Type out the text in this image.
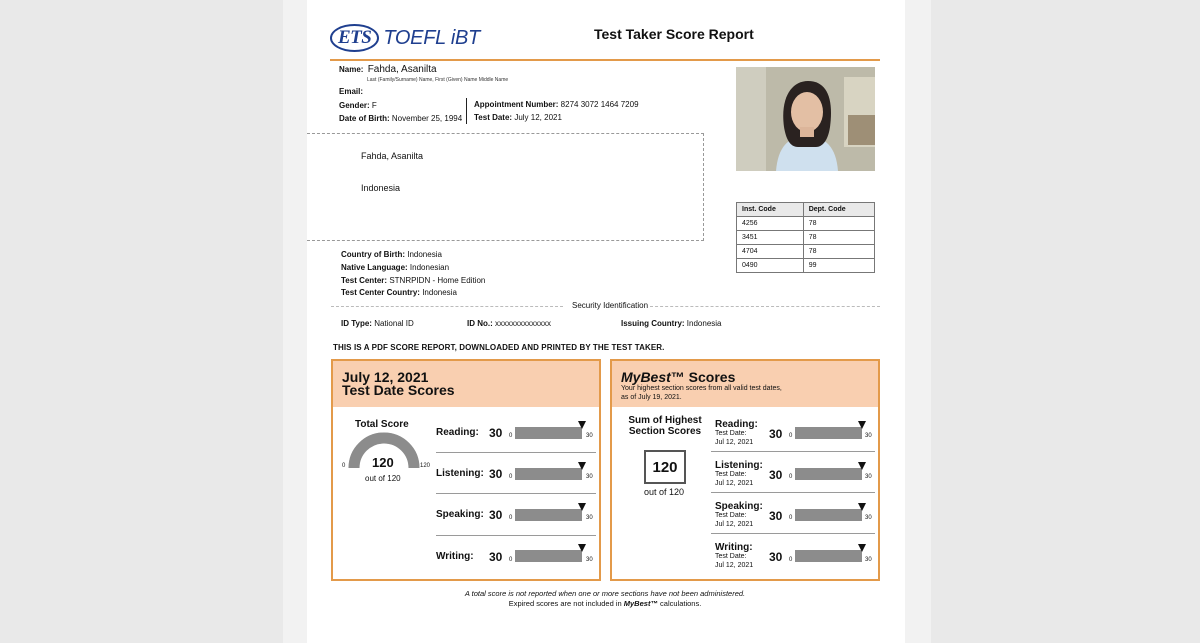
ETS TOEFL iBT	Test Taker Score Report
Name: Fahda, Asanilta
Last (Family/Surname) Name, First (Given) Name Middle Name
Email:
Gender: F
Date of Birth: November 25, 1994
Appointment Number: 8274 3072 1464 7209
Test Date: July 12, 2021
Inst. Code	Dept. Code
4256	78
3451	78
4704	78
0490	99
Fahda, Asanilta
Indonesia
Country of Birth: Indonesia
Native Language: Indonesian
Test Center: STNRPIDN - Home Edition
Test Center Country: Indonesia
Security Identification
ID Type: National ID	ID No.: xxxxxxxxxxxxxx	Issuing Country: Indonesia
THIS IS A PDF SCORE REPORT, DOWNLOADED AND PRINTED BY THE TEST TAKER.
July 12, 2021
Test Date Scores
Total Score
0	120
120
out of 120
Reading: 30 0	30
Listening: 30 0	30
Speaking: 30 0	30
Writing: 30 0	30
MyBest™ Scores
Your highest section scores from all valid test dates,
as of July 19, 2021.
Sum of Highest
Section Scores
120
out of 120
Reading:
Test Date:
Jul 12, 2021
30 0	30
Listening:
Test Date:
Jul 12, 2021
30 0	30
Speaking:
Test Date:
Jul 12, 2021
30 0	30
Writing:
Test Date:
Jul 12, 2021
30 0	30
A total score is not reported when one or more sections have not been administered.
Expired scores are not included in MyBest™ calculations.
